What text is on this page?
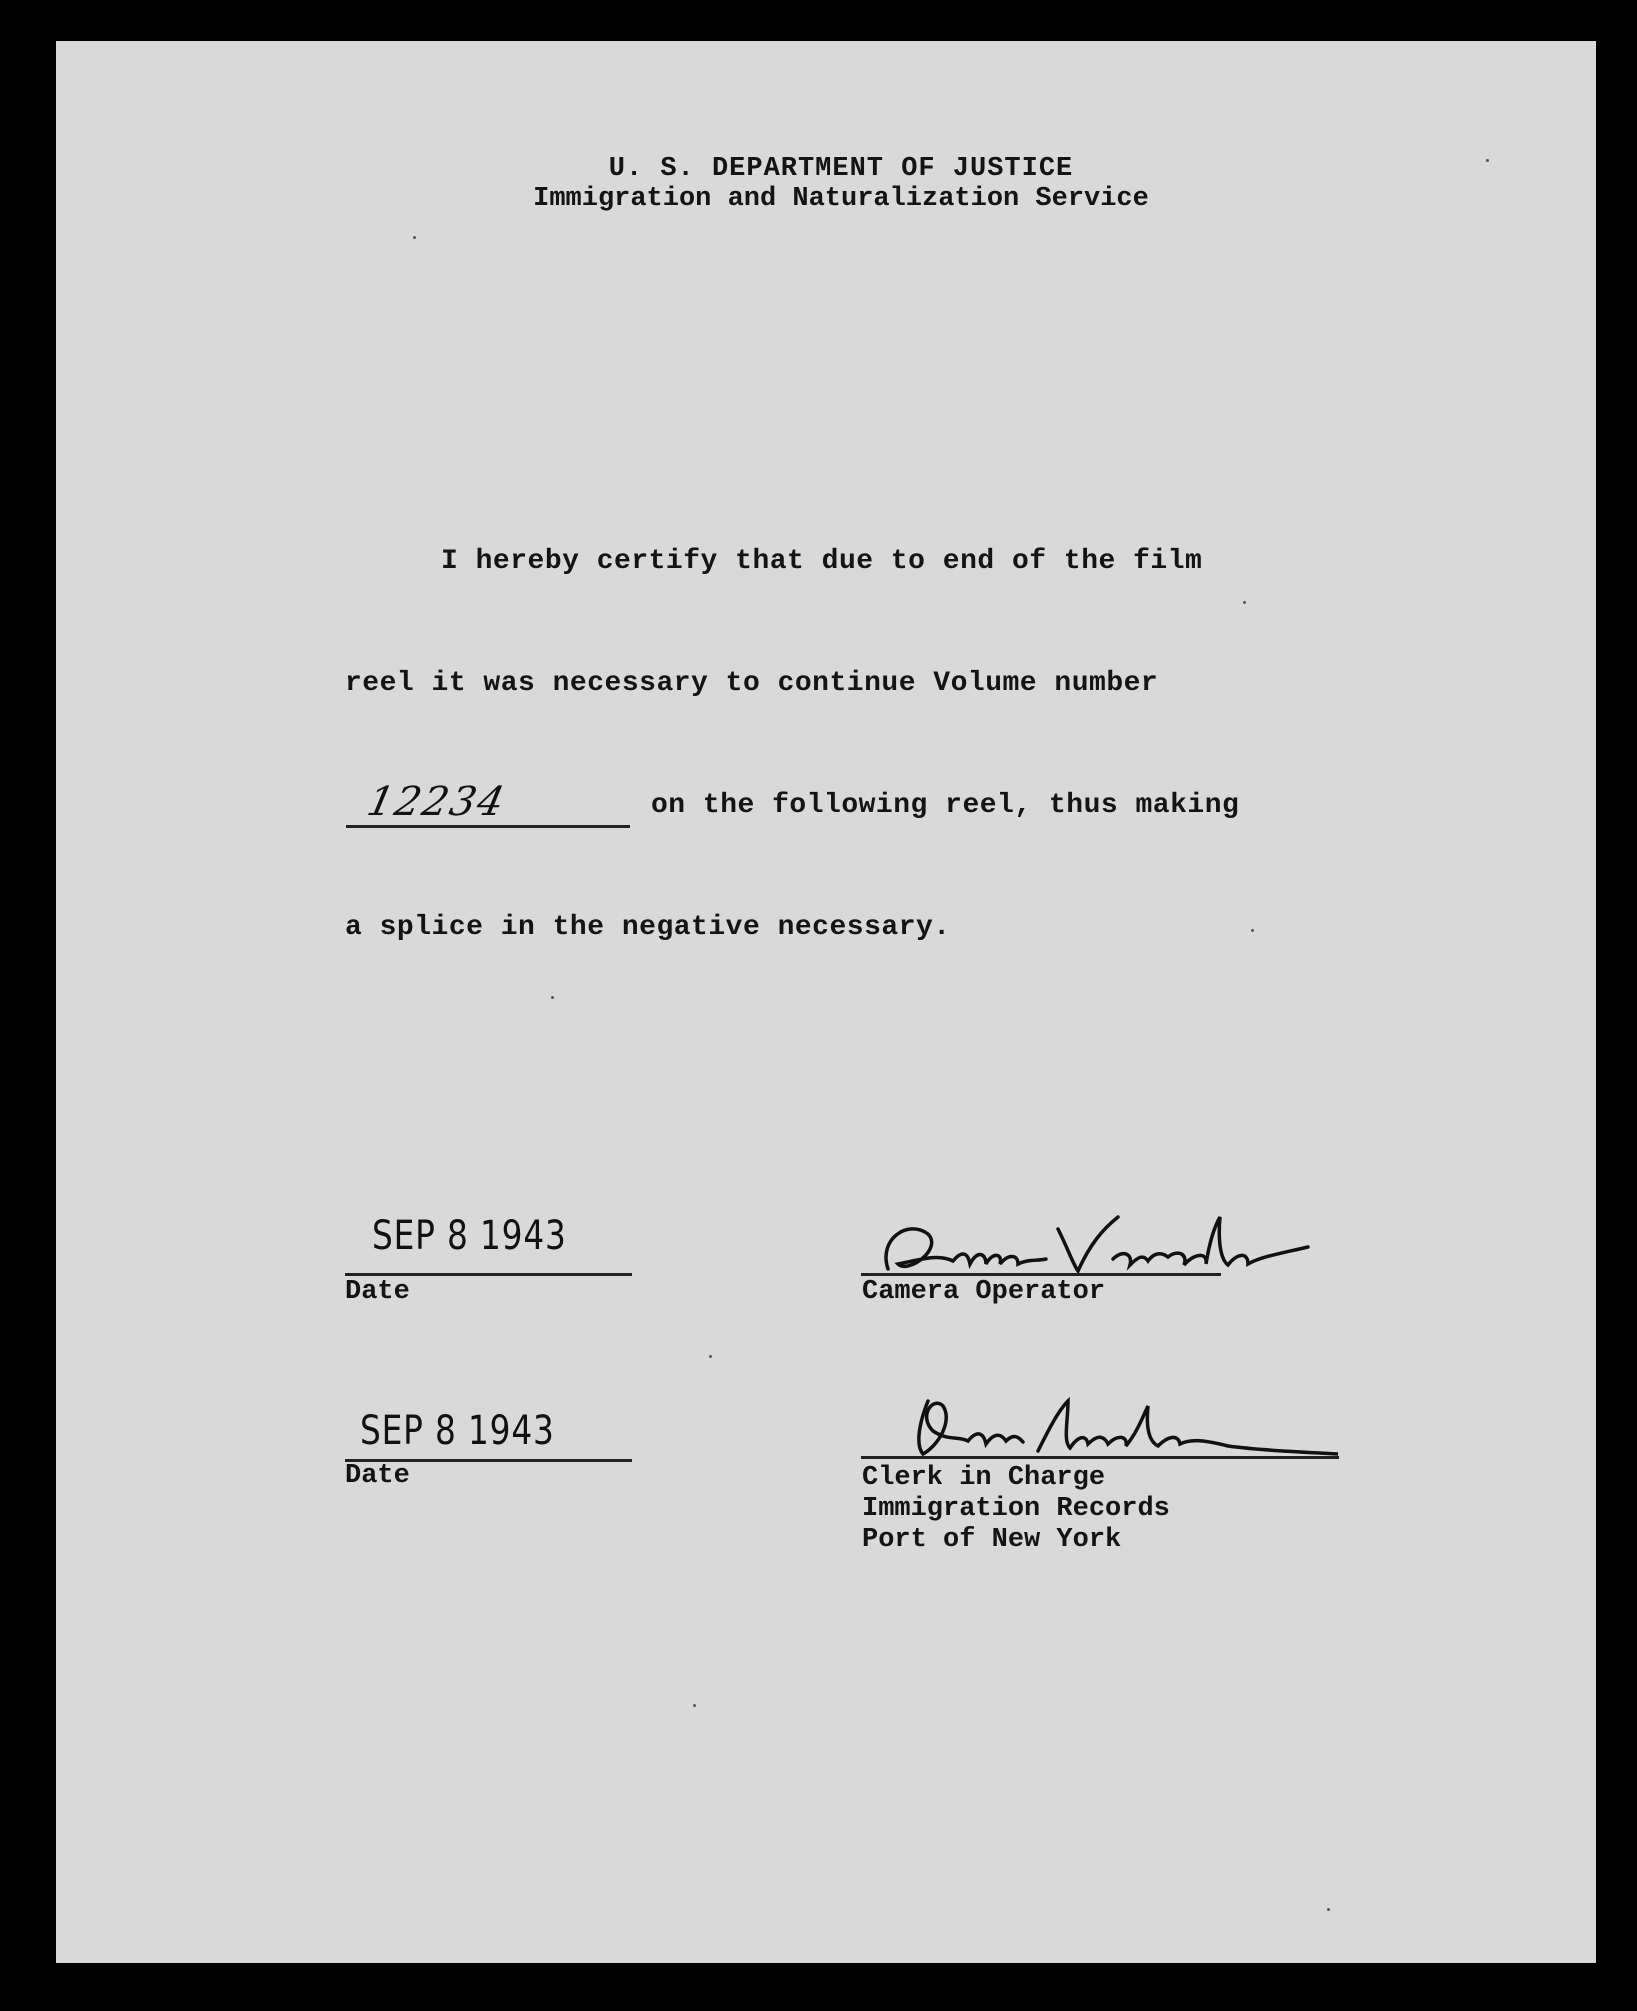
U. S. DEPARTMENT OF JUSTICE
Immigration and Naturalization Service
I hereby certify that due to end of the film
reel it was necessary to continue Volume number
12234	on the following reel, thus making
a splice in the negative necessary.
SEP 8 1943
Date	Camera Operator
SEP 8 1943
Date	Clerk in Charge
Immigration Records
Port of New York
